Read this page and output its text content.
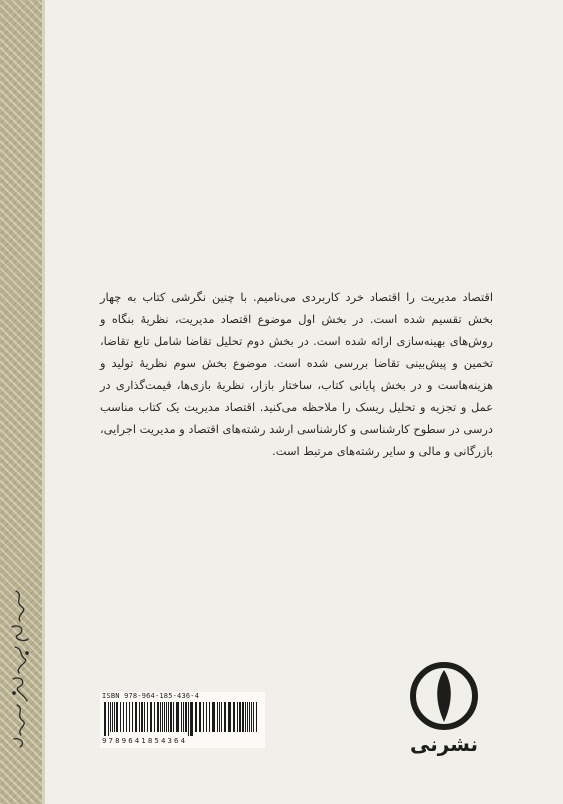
اقتصاد مدیریت را اقتصاد خرد کاربردی می‌نامیم. با چنین نگرشی کتاب به چهار بخش تقسیم شده است. در بخش اول موضوع اقتصاد مدیریت، نظریهٔ بنگاه و روش‌های بهینه‌سازی ارائه شده است. در بخش دوم تحلیل تقاضا شامل تابع تقاضا، تخمین و پیش‌بینی تقاضا بررسی شده است. موضوع بخش سوم نظریهٔ تولید و هزینه‌هاست و در بخش پایانی کتاب، ساختار بازار، نظریهٔ بازی‌ها، قیمت‌گذاری در عمل و تجزیه و تحلیل ریسک را ملاحظه می‌کنید. اقتصاد مدیریت یک کتاب مناسب درسی در سطوح کارشناسی و کارشناسی ارشد رشته‌های اقتصاد و مدیریت اجرایی، بازرگانی و مالی و سایر رشته‌های مرتبط است.

ISBN 978-964-185-436-4
9789641854364	نشرنی
